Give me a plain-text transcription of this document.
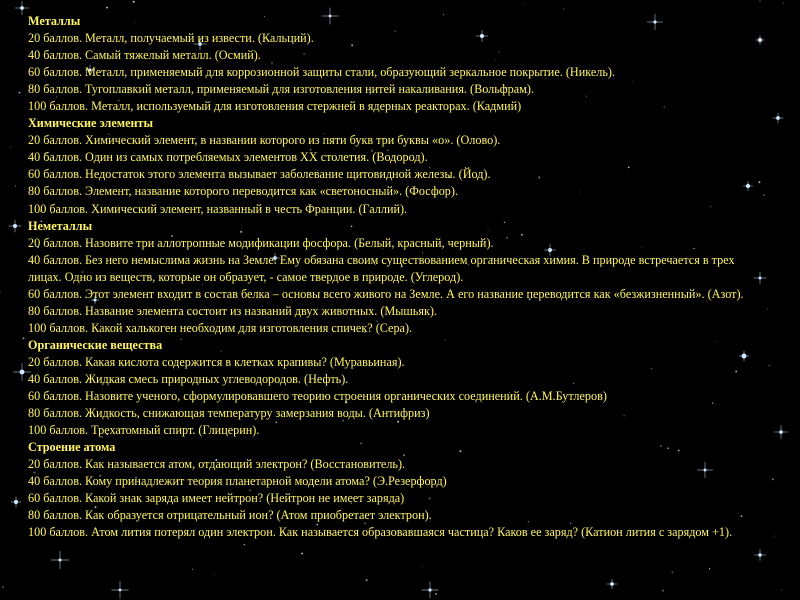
Металлы
20 баллов. Металл, получаемый из извести. (Кальций).
40 баллов. Самый тяжелый металл. (Осмий).
60 баллов. Металл, применяемый для коррозионной защиты стали, образующий зеркальное покрытие. (Никель).
80 баллов. Тугоплавкий металл, применяемый для изготовления нитей накаливания. (Вольфрам).
100 баллов. Металл, используемый для изготовления стержней в ядерных реакторах. (Кадмий)
Химические элементы
20 баллов. Химический элемент, в названии которого из пяти букв три буквы «о». (Олово).
40 баллов. Один из самых потребляемых элементов XX столетия. (Водород).
60 баллов. Недостаток этого элемента вызывает заболевание щитовидной железы. (Йод).
80 баллов. Элемент, название которого переводится как «светоносный». (Фосфор).
100 баллов. Химический элемент, названный в честь Франции. (Галлий).
Неметаллы
20 баллов. Назовите три аллотропные модификации фосфора. (Белый, красный, черный).
40 баллов. Без него немыслима жизнь на Земле. Ему обязана своим существованием органическая химия. В природе встречается в трех лицах. Одно из веществ, которые он образует, - самое твердое в природе. (Углерод).
60 баллов. Этот элемент входит в состав белка – основы всего живого на Земле. А его название переводится как «безжизненный». (Азот).
80 баллов. Название элемента состоит из названий двух животных. (Мышьяк).
100 баллов. Какой халькоген необходим для изготовления спичек? (Сера).
Органические вещества
20 баллов. Какая кислота содержится в клетках крапивы? (Муравьиная).
40 баллов. Жидкая смесь природных углеводородов. (Нефть).
60 баллов. Назовите ученого, сформулировавшего теорию строения органических соединений. (А.М.Бутлеров)
80 баллов. Жидкость, снижающая температуру замерзания воды. (Антифриз)
100 баллов. Трехатомный спирт. (Глицерин).
Строение атома
20 баллов. Как называется атом, отдающий электрон? (Восстановитель).
40 баллов. Кому принадлежит теория планетарной модели атома? (Э.Резерфорд)
60 баллов. Какой знак заряда имеет нейтрон? (Нейтрон не имеет заряда)
80 баллов. Как образуется отрицательный ион? (Атом приобретает электрон).
100 баллов. Атом лития потерял один электрон. Как называется образовавшаяся частица? Каков ее заряд? (Катион лития с зарядом +1).
